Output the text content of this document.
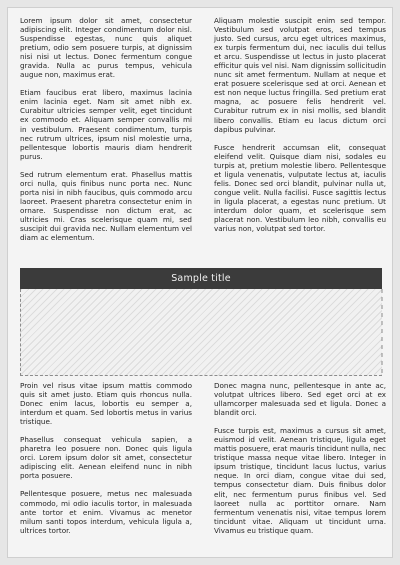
Lorem ipsum dolor sit amet, consectetur adipiscing elit. Integer condimentum dolor nisl. Suspendisse egestas, nunc quis aliquet pretium, odio sem posuere turpis, at dignissim nisi nisi ut lectus. Donec fermentum congue gravida. Nulla ac purus tempus, vehicula augue non, maximus erat.

Etiam faucibus erat libero, maximus lacinia enim lacinia eget. Nam sit amet nibh ex. Curabitur ultricies semper velit, eget tincidunt ex commodo et. Aliquam semper convallis mi in vestibulum. Praesent condimentum, turpis nec rutrum ultrices, ipsum nisl molestie urna, pellentesque lobortis mauris diam hendrerit purus.

Sed rutrum elementum erat. Phasellus mattis orci nulla, quis finibus nunc porta nec. Nunc porta nisi in nibh faucibus, quis commodo arcu laoreet. Praesent pharetra consectetur enim in ornare. Suspendisse non dictum erat, ac ultricies mi. Cras scelerisque quam mi, sed suscipit dui gravida nec. Nullam elementum vel diam ac elementum.

Aliquam molestie suscipit enim sed tempor. Vestibulum sed volutpat eros, sed tempus justo. Sed cursus, arcu eget ultrices maximus, ex turpis fermentum dui, nec iaculis dui tellus et arcu. Suspendisse ut lectus in justo placerat efficitur quis vel nisi. Nam dignissim sollicitudin nunc sit amet fermentum. Nullam at neque et erat posuere scelerisque sed at orci. Aenean et est non neque luctus fringilla. Sed pretium erat magna, ac posuere felis hendrerit vel. Curabitur rutrum ex in nisi mollis, sed blandit libero convallis. Etiam eu lacus dictum orci dapibus pulvinar.

Fusce hendrerit accumsan elit, consequat eleifend velit. Quisque diam nisi, sodales eu turpis at, pretium molestie libero. Pellentesque et ligula venenatis, vulputate lectus at, iaculis felis. Donec sed orci blandit, pulvinar nulla ut, congue velit. Nulla facilisi. Fusce sagittis lectus in ligula placerat, a egestas nunc pretium. Ut interdum dolor quam, et scelerisque sem placerat non. Vestibulum leo nibh, convallis eu varius non, volutpat sed tortor.

Sample title

Proin vel risus vitae ipsum mattis commodo quis sit amet justo. Etiam quis rhoncus nulla. Donec enim lacus, lobortis eu semper a, interdum et quam. Sed lobortis metus in varius tristique.

Phasellus consequat vehicula sapien, a pharetra leo posuere non. Donec quis ligula orci. Lorem ipsum dolor sit amet, consectetur adipiscing elit. Aenean eleifend nunc in nibh porta posuere.

Pellentesque posuere, metus nec malesuada commodo, mi odio iaculis tortor, in malesuada ante tortor et enim. Vivamus ac menetor milum santi topos interdum, vehicula ligula a, ultrices tortor.

Donec magna nunc, pellentesque in ante ac, volutpat ultrices libero. Sed eget orci at ex ullamcorper malesuada sed et ligula. Donec a blandit orci.

Fusce turpis est, maximus a cursus sit amet, euismod id velit. Aenean tristique, ligula eget mattis posuere, erat mauris tincidunt nulla, nec tristique massa neque vitae libero. Integer in ipsum tristique, tincidunt lacus luctus, varius neque. In orci diam, congue vitae dui sed, tempus consectetur diam. Duis finibus dolor elit, nec fermentum purus finibus vel. Sed laoreet nulla ac porttitor ornare. Nam fermentum venenatis nisi, vitae tempus lorem tincidunt vitae. Aliquam ut tincidunt urna. Vivamus eu tristique quam.
